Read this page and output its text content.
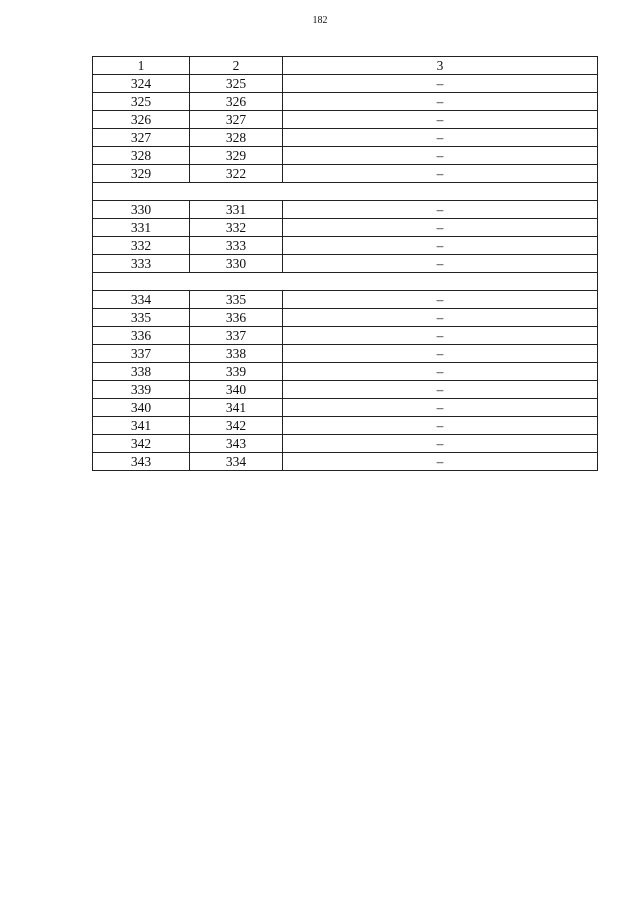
182
1	2	3
324	325	–
325	326	–
326	327	–
327	328	–
328	329	–
329	322	–

330	331	–
331	332	–
332	333	–
333	330	–

334	335	–
335	336	–
336	337	–
337	338	–
338	339	–
339	340	–
340	341	–
341	342	–
342	343	–
343	334	–
